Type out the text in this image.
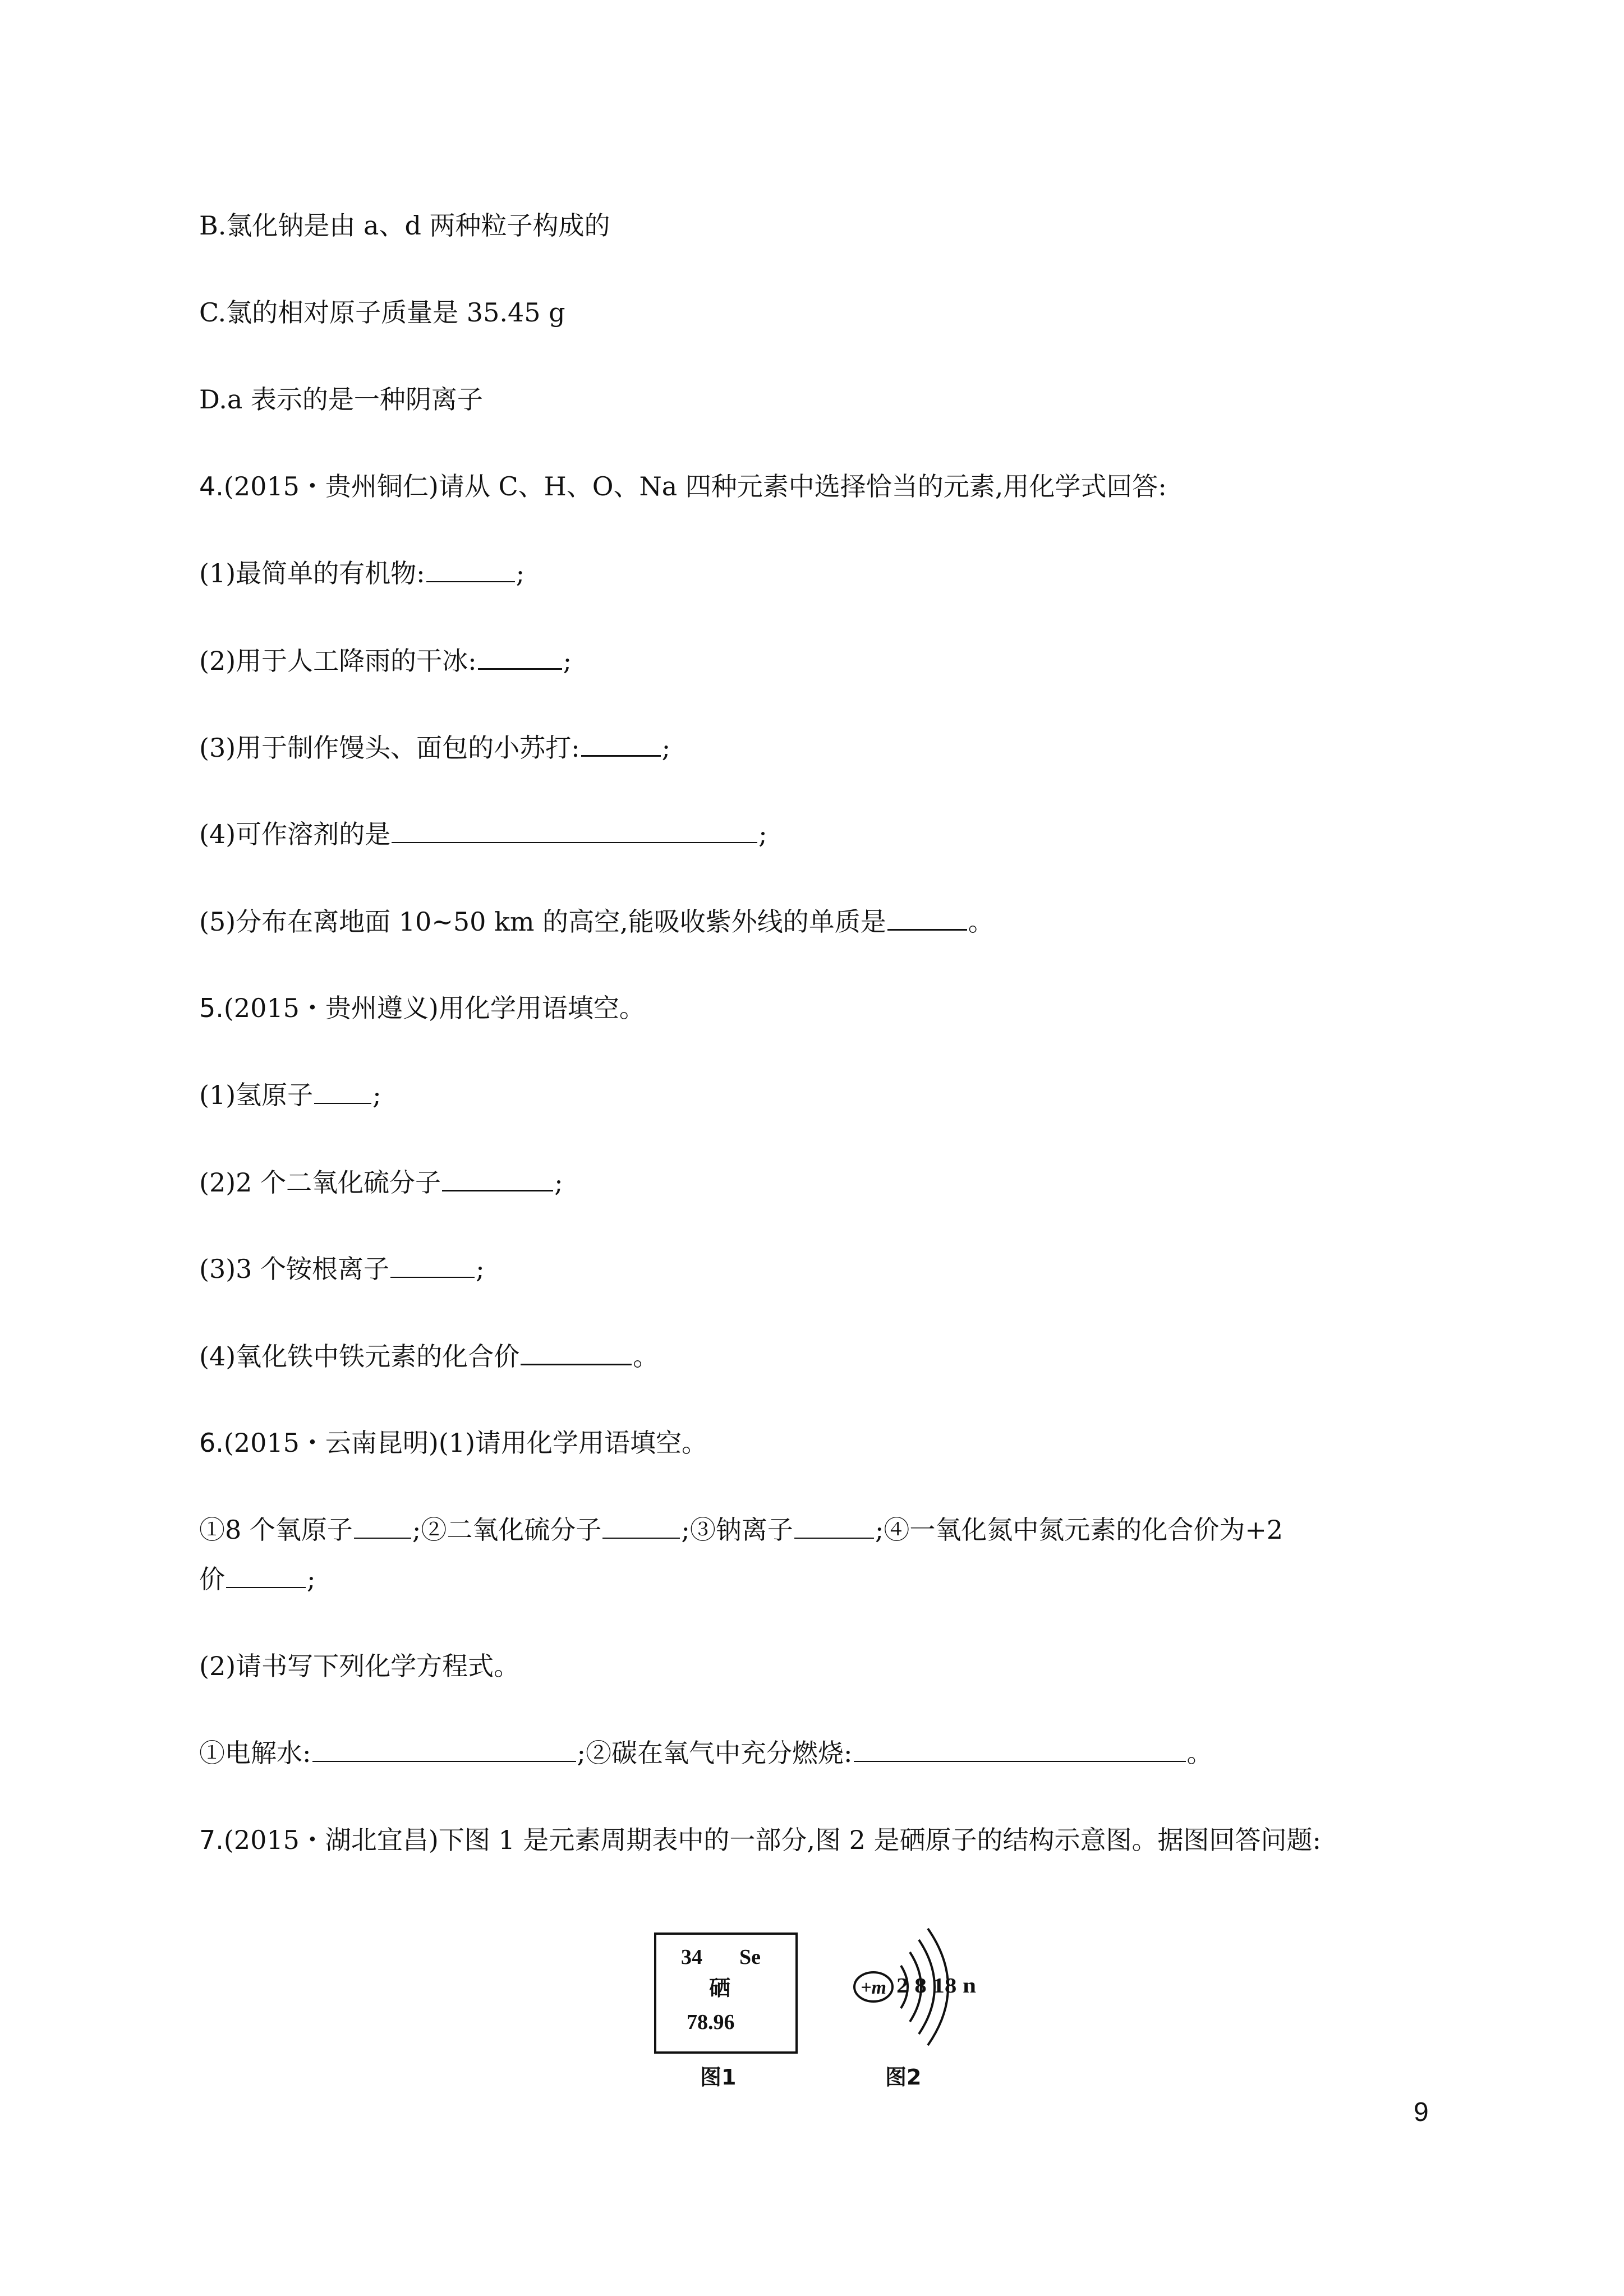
B.氯化钠是由 a、d 两种粒子构成的
C.氯的相对原子质量是 35.45 g
D.a 表示的是一种阴离子
4.(2015・贵州铜仁)请从 C、H、O、Na 四种元素中选择恰当的元素,用化学式回答:
(1)最简单的有机物:	;
(2)用于人工降雨的干冰:	;
(3)用于制作馒头、面包的小苏打:	;
(4)可作溶剂的是	;
(5)分布在离地面 10~50 km 的高空,能吸收紫外线的单质是	。
5.(2015・贵州遵义)用化学用语填空。
(1)氢原子 ;
(2)2 个二氧化硫分子	;
(3)3 个铵根离子	;
(4)氧化铁中铁元素的化合价	。
6.(2015・云南昆明)(1)请用化学用语填空。
①8 个氧原子 ;②二氧化硫分子	;③钠离子	;④一氧化氮中氮元素的化合价为+2
价	;
(2)请书写下列化学方程式。
①电解水:	;②碳在氧气中充分燃烧:	。
7.(2015・湖北宜昌)下图 1 是元素周期表中的一部分,图 2 是硒原子的结构示意图。据图回答问题:
34 Se
硒
78.96
图1
+m 2 8 18 n
图2
9
